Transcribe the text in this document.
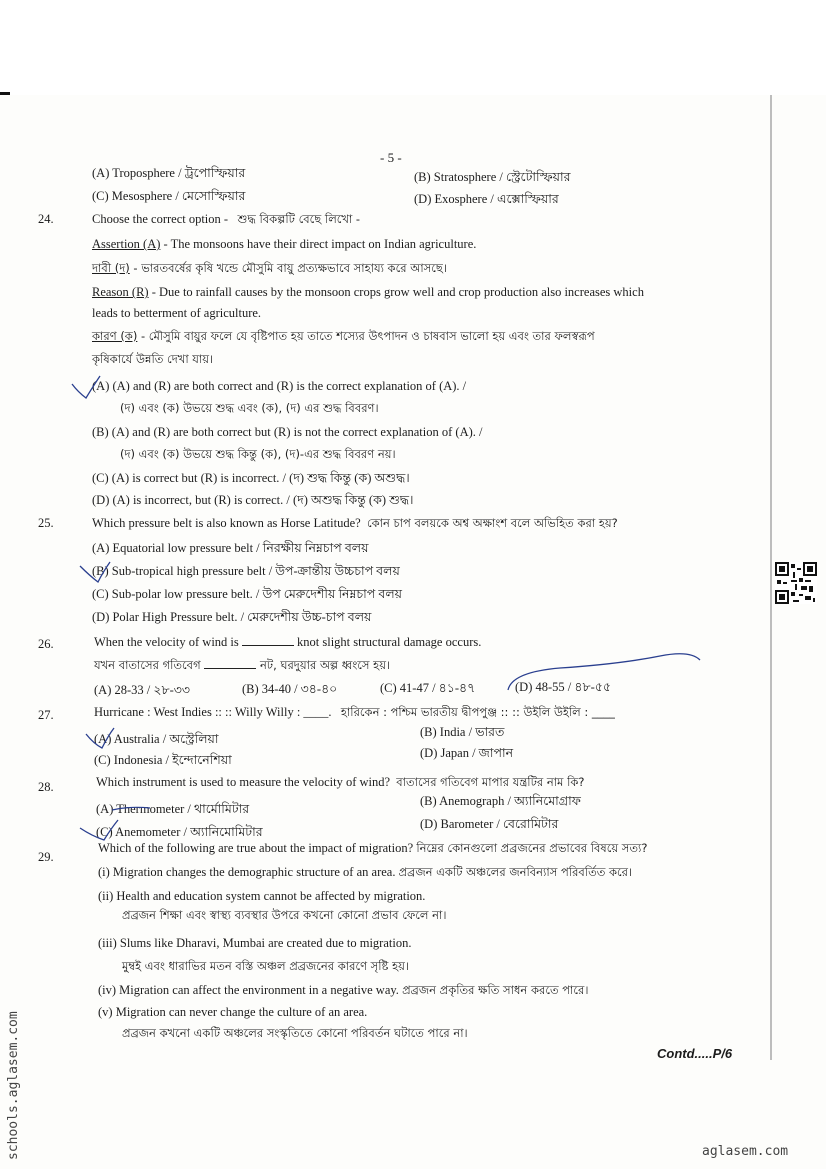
- 5 -
(A) Troposphere / ট্রপোস্ফিয়ার	(B) Stratosphere / স্ট্রেটোস্ফিয়ার
(C) Mesosphere / মেসোস্ফিয়ার	(D) Exosphere / এক্সোস্ফিয়ার
24.	Choose the correct option - শুদ্ধ বিকল্পটি বেছে লিখো -
Assertion (A) - The monsoons have their direct impact on Indian agriculture.
দাবী (দ) - ভারতবর্ষের কৃষি খন্ডে মৌসুমি বায়ু প্রত্যক্ষভাবে সাহায্য করে আসছে।
Reason (R) - Due to rainfall causes by the monsoon crops grow well and crop production also increases which
leads to betterment of agriculture.
কারণ (ক) - মৌসুমি বায়ুর ফলে যে বৃষ্টিপাত হয় তাতে শস্যের উৎপাদন ও চাষবাস ভালো হয় এবং তার ফলস্বরূপ
কৃষিকার্যে উন্নতি দেখা যায়।
(A) (A) and (R) are both correct and (R) is the correct explanation of (A). /
(দ) এবং (ক) উভয়ে শুদ্ধ এবং (ক), (দ) এর শুদ্ধ বিবরণ।
(B) (A) and (R) are both correct but (R) is not the correct explanation of (A). /
(দ) এবং (ক) উভয়ে শুদ্ধ কিন্তু (ক), (দ)-এর শুদ্ধ বিবরণ নয়।
(C) (A) is correct but (R) is incorrect. / (দ) শুদ্ধ কিন্তু (ক) অশুদ্ধ।
(D) (A) is incorrect, but (R) is correct. / (দ) অশুদ্ধ কিন্তু (ক) শুদ্ধ।
25.	Which pressure belt is also known as Horse Latitude? কোন চাপ বলয়কে অশ্ব অক্ষাংশ বলে অভিহিত করা হয়?
(A) Equatorial low pressure belt / নিরক্ষীয় নিম্নচাপ বলয়
(B) Sub-tropical high pressure belt / উপ-ক্রান্তীয় উচ্চচাপ বলয়
(C) Sub-polar low pressure belt. / উপ মেরুদেশীয় নিম্নচাপ বলয়
(D) Polar High Pressure belt. / মেরুদেশীয় উচ্চ-চাপ বলয়
26.	When the velocity of wind is	knot slight structural damage occurs.
যখন বাতাসের গতিবেগ	নট, ঘরদুয়ার অল্প ধ্বংসে হয়।
(A) 28-33 / ২৮-৩৩	(B) 34-40 / ৩৪-৪০	(C) 41-47 / ৪১-৪৭	(D) 48-55 / ৪৮-৫৫
27.	Hurricane : West Indies :: :: Willy Willy : ____. হারিকেন : পশ্চিম ভারতীয় দ্বীপপুঞ্জ :: :: উইলি উইলি : ____
(A) Australia / অস্ট্রেলিয়া	(B) India / ভারত
(C) Indonesia / ইন্দোনেশিয়া	(D) Japan / জাপান
28.	Which instrument is used to measure the velocity of wind? বাতাসের গতিবেগ মাপার যন্ত্রটির নাম কি?
(A) Thermometer / থার্মোমিটার
(B) Anemograph / অ্যানিমোগ্রাফ
(C) Anemometer / অ্যানিমোমিটার
(D) Barometer / বেরোমিটার
29.
Which of the following are true about the impact of migration? নিম্নের কোনগুলো প্রব্রজনের প্রভাবের বিষয়ে সত্য?
(i) Migration changes the demographic structure of an area. প্রব্রজন একটি অঞ্চলের জনবিন্যাস পরিবর্তিত করে।
(ii) Health and education system cannot be affected by migration.
প্রব্রজন শিক্ষা এবং স্বাস্থ্য ব্যবস্থার উপরে কখনো কোনো প্রভাব ফেলে না।
(iii) Slums like Dharavi, Mumbai are created due to migration.
মুম্বই এবং ধারাভির মতন বস্তি অঞ্চল প্রব্রজনের কারণে সৃষ্টি হয়।
(iv) Migration can affect the environment in a negative way. প্রব্রজন প্রকৃতির ক্ষতি সাধন করতে পারে।
(v) Migration can never change the culture of an area.
প্রব্রজন কখনো একটি অঞ্চলের সংস্কৃতিতে কোনো পরিবর্তন ঘটাতে পারে না।
Contd.....P/6
schools.aglasem.com	aglasem.com
